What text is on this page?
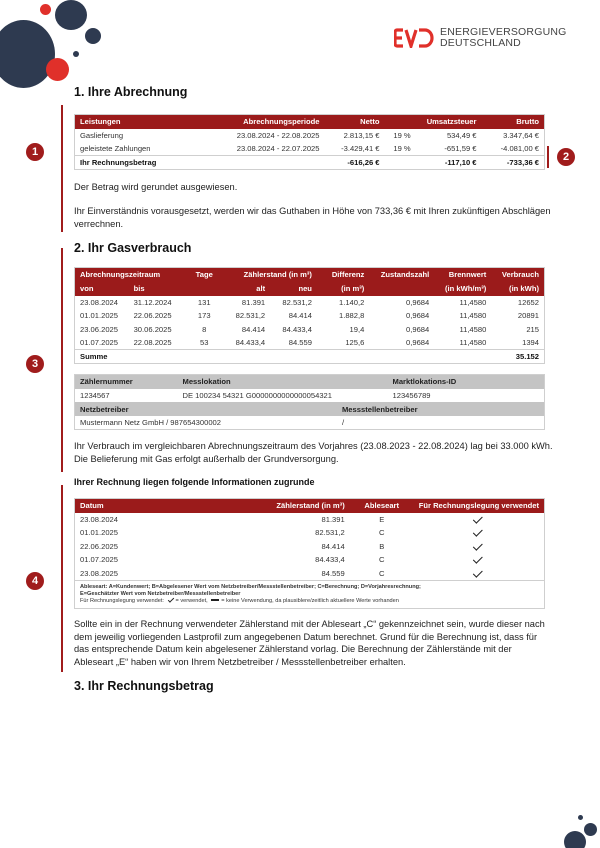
ENERGIEVERSORGUNG
DEUTSCHLAND
1	2
3
4
1. Ihre Abrechnung
Leistungen	Abrechnungsperiode	Netto		Umsatzsteuer	Brutto
Gaslieferung	23.08.2024 - 22.08.2025	2.813,15 €	19 %	534,49 €	3.347,64 €
geleistete Zahlungen	23.08.2024 - 22.07.2025	-3.429,41 €	19 %	-651,59 €	-4.081,00 €
Ihr Rechnungsbetrag		-616,26 €		-117,10 €	-733,36 €
Der Betrag wird gerundet ausgewiesen.
Ihr Einverständnis vorausgesetzt, werden wir das Guthaben in Höhe von 733,36 € mit Ihren zukünftigen Abschlägen verrechnen.
2. Ihr Gasverbrauch
Abrechnungszeitraum		Tage	Zählerstand (in m³)		Differenz	Zustandszahl	Brennwert	Verbrauch
von	bis		alt	neu	(in m³)		(in kWh/m³)	(in kWh)
23.08.2024	31.12.2024	131	81.391	82.531,2	1.140,2	0,9684	11,4580	12652
01.01.2025	22.06.2025	173	82.531,2	84.414	1.882,8	0,9684	11,4580	20891
23.06.2025	30.06.2025	8	84.414	84.433,4	19,4	0,9684	11,4580	215
01.07.2025	22.08.2025	53	84.433,4	84.559	125,6	0,9684	11,4580	1394
Summe								35.152
Zählernummer	Messlokation		Marktlokations-ID
1234567	DE 100234 54321 G0000000000000054321		123456789
Netzbetreiber		Messstellenbetreiber	
Mustermann Netz GmbH / 987654300002		/	
Ihr Verbrauch im vergleichbaren Abrechnungszeitraum des Vorjahres (23.08.2023 - 22.08.2024) lag bei 33.000 kWh. Die Belieferung mit Gas erfolgt außerhalb der Grundversorgung.
Ihrer Rechnung liegen folgende Informationen zugrunde
Datum	Zählerstand (in m³)	Ableseart	Für Rechnungslegung verwendet
23.08.2024	81.391	E	
01.01.2025	82.531,2	C	
22.06.2025	84.414	B	
01.07.2025	84.433,4	C	
23.08.2025	84.559	C	
Ableseart: A=Kundenwert; B=Abgelesener Wert vom Netzbetreiber/Messstellenbetreiber; C=Berechnung; D=Vorjahresrechnung;
E=Geschätzter Wert vom Netzbetreiber/Messstellenbetreiber
Für Rechnungslegung verwendet: = verwendet, = keine Verwendung, da plausiblere/zeitlich aktuellere Werte vorhanden			
Sollte ein in der Rechnung verwendeter Zählerstand mit der Ableseart „C“ gekennzeichnet sein, wurde dieser nach dem jeweilig vorliegenden Lastprofil zum angegebenen Datum berechnet. Grund für die Berechnung ist, dass für das entsprechende Datum kein abgelesener Zählerstand vorlag. Die Berechnung der Zählerstände mit der Ableseart „E“ haben wir von Ihrem Netzbetreiber / Messstellenbetreiber erhalten.
3. Ihr Rechnungsbetrag
